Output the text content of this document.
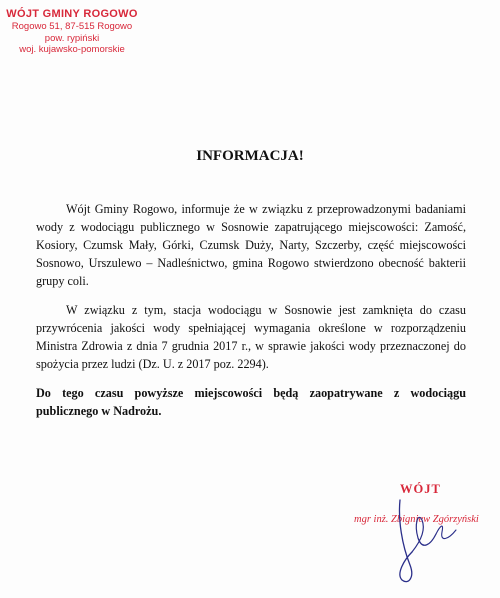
WÓJT GMINY ROGOWO
Rogowo 51, 87-515 Rogowo
pow. rypiński
woj. kujawsko-pomorskie
INFORMACJA!

Wójt Gminy Rogowo, informuje że w związku z przeprowadzonymi badaniami wody z wodociągu publicznego w Sosnowie zapatrującego miejscowości: Zamość, Kosiory, Czumsk Mały, Górki, Czumsk Duży, Narty, Szczerby, część miejscowości Sosnowo, Urszulewo – Nadleśnictwo, gmina Rogowo stwierdzono obecność bakterii grupy coli.

W związku z tym, stacja wodociągu w Sosnowie jest zamknięta do czasu przywrócenia jakości wody spełniającej wymagania określone w rozporządzeniu Ministra Zdrowia z dnia 7 grudnia 2017 r., w sprawie jakości wody przeznaczonej do spożycia przez ludzi (Dz. U. z 2017 poz. 2294).

Do tego czasu powyższe miejscowości będą zaopatrywane z wodociągu publicznego w Nadrożu.

WÓJT
mgr inż. Zbigniew Zgórzyński
